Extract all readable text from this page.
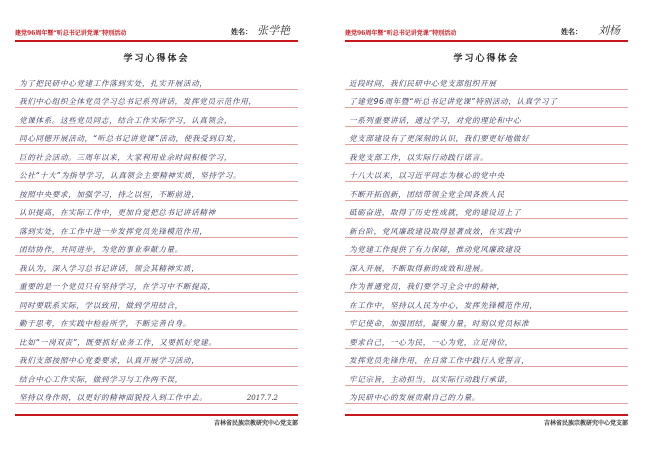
建党96周年暨“听总书记讲党课”特别活动	姓名： 张学艳
学习心得体会
为了把民研中心党建工作落到实处，扎实开展活动，
我们中心组织全体党员学习总书记系列讲话，发挥党员示范作用，
党课体系。这些党员同志，结合工作实际学习，认真领会，
同心同德开展活动，“听总书记讲党课”活动，使我受到启发，
巨的社会活动。三周年以来，大家利用业余时间积极学习，
公社“十大”为指导学习，认真领会主要精神实质，坚持学习。
按照中央要求，加强学习，持之以恒，不断前进，
认识提高，在实际工作中，更加自觉把总书记讲话精神
落到实处，在工作中进一步发挥党员先锋模范作用，
团结协作，共同进步，为党的事业奉献力量。
我认为，深入学习总书记讲话，领会其精神实质，
重要的是一个党员只有坚持学习，在学习中不断提高，
同时要联系实际，学以致用，做到学用结合，
勤于思考，在实践中检验所学，不断完善自身。
比如“一岗双责”，既要抓好业务工作，又要抓好党建。
我们支部按照中心党委要求，认真开展学习活动，
结合中心工作实际，做到学习与工作两不误，
坚持以身作则，以更好的精神面貌投入到工作中去。	2017.7.2
吉林省民族宗教研究中心党支部
建党96周年暨“听总书记讲党课”特别活动	姓名： 刘杨
学习心得体会
近段时间，我们民研中心党支部组织开展
了建党96周年暨“听总书记讲党课”特别活动，认真学习了
一系列重要讲话，通过学习，对党的理论和中心
党支部建设有了更深刻的认识，我们要更好地做好
我党支部工作，以实际行动践行诺言。
十八大以来，以习近平同志为核心的党中央
不断开拓创新，团结带领全党全国各族人民
砥砺奋进，取得了历史性成就，党的建设迈上了
新台阶，党风廉政建设取得显著成效，在实践中
为党建工作提供了有力保障，推动党风廉政建设
深入开展，不断取得新的成效和进展。
作为普通党员，我们要学习全会中的精神，
在工作中，坚持以人民为中心，发挥先锋模范作用，
牢记使命，加强团结，凝聚力量，时刻以党员标准
要求自己，一心为民，一心为党，立足岗位，
发挥党员先锋作用，在日常工作中践行入党誓言，
牢记宗旨，主动担当，以实际行动践行承诺，
为民研中心的发展贡献自己的力量。
吉林省民族宗教研究中心党支部
